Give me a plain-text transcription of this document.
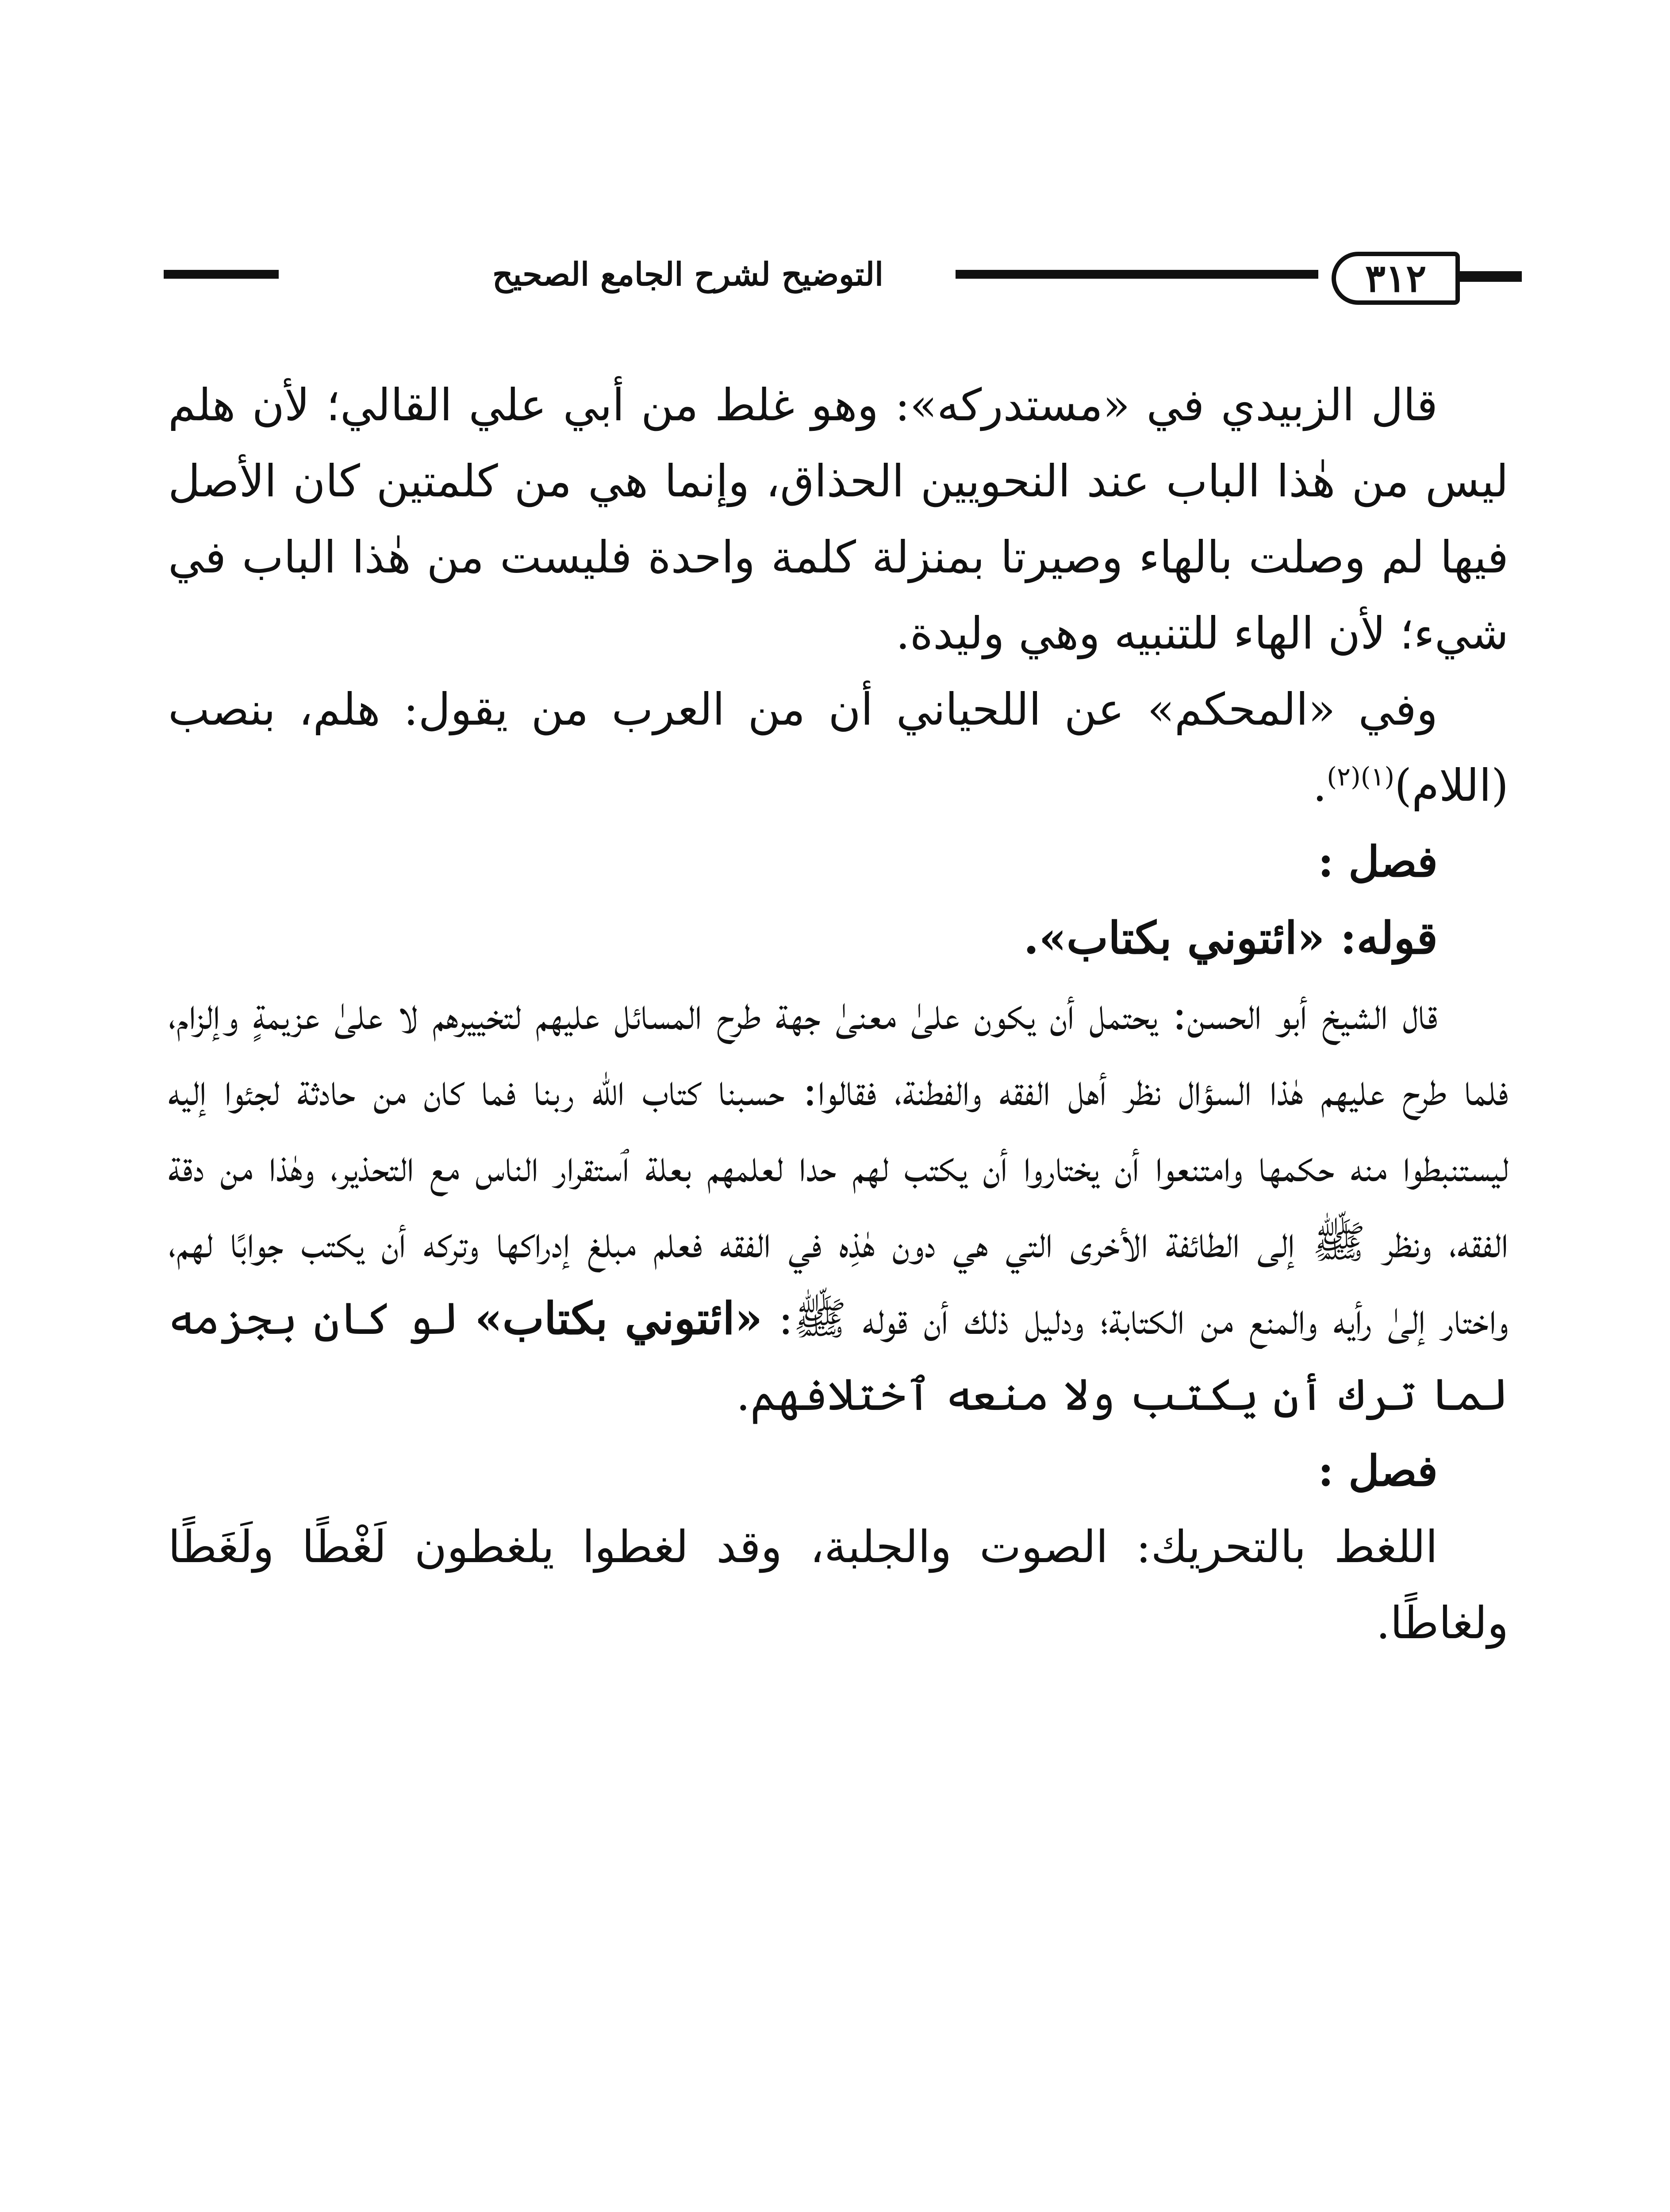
التوضيح لشرح الجامع الصحيح	٣١٢

قال الزبيدي في «مستدركه»: وهو غلط من أبي علي القالي؛ لأن هلم ليس من هٰذا الباب عند النحويين الحذاق، وإنما هي من كلمتين كان الأصل فيها لم وصلت بالهاء وصيرتا بمنزلة كلمة واحدة فليست من هٰذا الباب في شيء؛ لأن الهاء للتنبيه وهي وليدة.

وفي «المحكم» عن اللحياني أن من العرب من يقول: هلم، بنصب (اللام)$^{(١)(٢)}$.

فصل :

قوله: «ائتوني بكتاب».

قال الشيخ أبو الحسن: يحتمل أن يكون علىٰ معنىٰ جهة طرح المسائل عليهم لتخييرهم لا علىٰ عزيمةٍ وإلزام، فلما طرح عليهم هٰذا السؤال نظر أهل الفقه والفطنة، فقالوا: حسبنا كتاب الله ربنا فما كان من حادثة لجئوا إليه ليستنبطوا منه حكمها وامتنعوا أن يختاروا أن يكتب لهم حدا لعلمهم بعلة ٱستقرار الناس مع التحذير، وهٰذا من دقة الفقه، ونظر ﷺ إلى الطائفة الأخرى التي هي دون هٰذِه في الفقه فعلم مبلغ إدراكها وتركه أن يكتب جوابًا لهم، واختار إلىٰ رأيه والمنع من الكتابة؛ ودليل ذلك أن قوله ﷺ: «ائتوني بكتاب» لو كان بجزمه لما ترك أن يكتب ولا منعه ٱختلافهم.

فصل :

اللغط بالتحريك: الصوت والجلبة، وقد لغطوا يلغطون لَغْطًا ولَغَطًا ولغاطًا.
